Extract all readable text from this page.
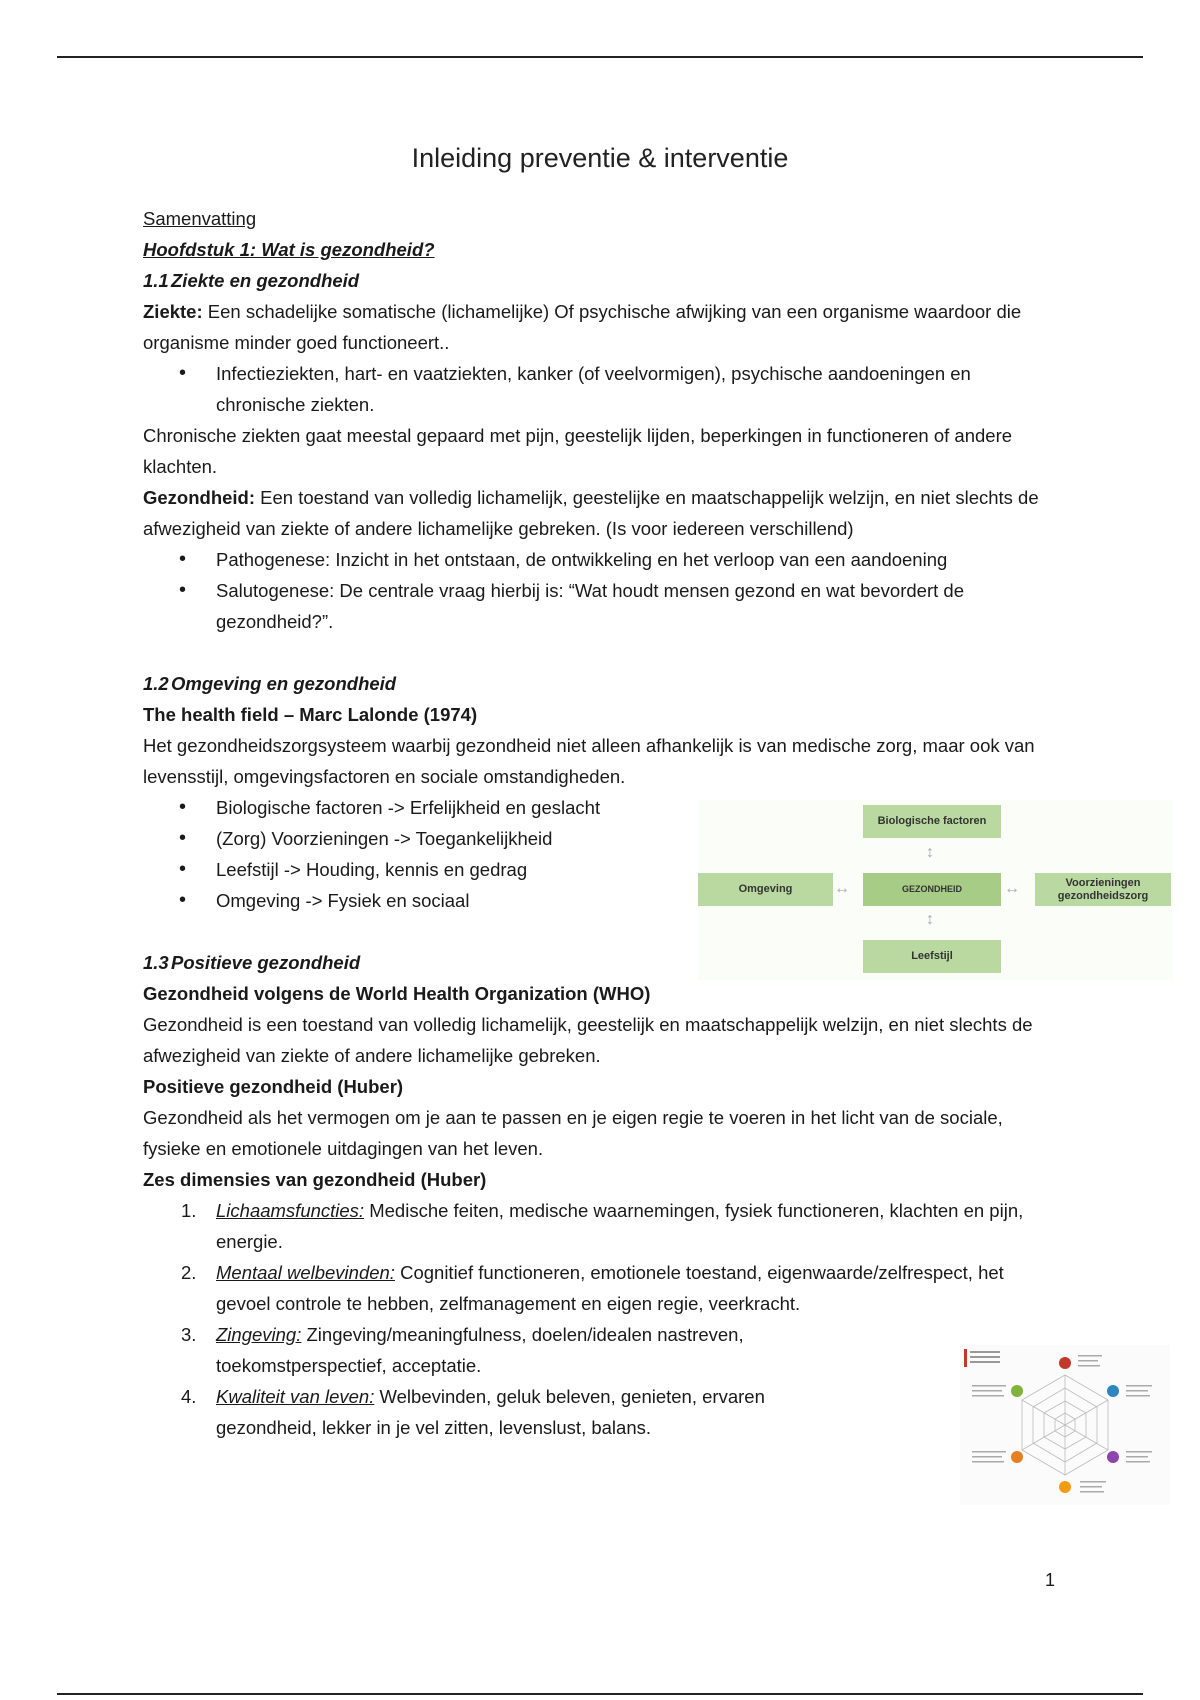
Inleiding preventie & interventie

Samenvatting

Hoofdstuk 1: Wat is gezondheid?

1.1 Ziekte en gezondheid

Ziekte: Een schadelijke somatische (lichamelijke) Of psychische afwijking van een organisme waardoor die organisme minder goed functioneert..

• Infectieziekten, hart- en vaatziekten, kanker (of veelvormigen), psychische aandoeningen en chronische ziekten.

Chronische ziekten gaat meestal gepaard met pijn, geestelijk lijden, beperkingen in functioneren of andere klachten.

Gezondheid: Een toestand van volledig lichamelijk, geestelijke en maatschappelijk welzijn, en niet slechts de afwezigheid van ziekte of andere lichamelijke gebreken. (Is voor iedereen verschillend)

• Pathogenese: Inzicht in het ontstaan, de ontwikkeling en het verloop van een aandoening
• Salutogenese: De centrale vraag hierbij is: “Wat houdt mensen gezond en wat bevordert de gezondheid?”.

1.2 Omgeving en gezondheid

The health field – Marc Lalonde (1974)

Het gezondheidszorgsysteem waarbij gezondheid niet alleen afhankelijk is van medische zorg, maar ook van levensstijl, omgevingsfactoren en sociale omstandigheden.

• Biologische factoren -> Erfelijkheid en geslacht
• (Zorg) Voorzieningen -> Toegankelijkheid
• Leefstijl -> Houding, kennis en gedrag
• Omgeving -> Fysiek en sociaal

1.3 Positieve gezondheid

Gezondheid volgens de World Health Organization (WHO)

Gezondheid is een toestand van volledig lichamelijk, geestelijk en maatschappelijk welzijn, en niet slechts de afwezigheid van ziekte of andere lichamelijke gebreken.

Positieve gezondheid (Huber)

Gezondheid als het vermogen om je aan te passen en je eigen regie te voeren in het licht van de sociale, fysieke en emotionele uitdagingen van het leven.

Zes dimensies van gezondheid (Huber)

1. Lichaamsfuncties: Medische feiten, medische waarnemingen, fysiek functioneren, klachten en pijn, energie.
2. Mentaal welbevinden: Cognitief functioneren, emotionele toestand, eigenwaarde/zelfrespect, het gevoel controle te hebben, zelfmanagement en eigen regie, veerkracht.
3. Zingeving: Zingeving/meaningfulness, doelen/idealen nastreven, toekomstperspectief, acceptatie.
4. Kwaliteit van leven: Welbevinden, geluk beleven, genieten, ervaren gezondheid, lekker in je vel zitten, levenslust, balans.
Biologische factoren
↕
Omgeving	↔	GEZONDHEID	↔	Voorzieningen gezondheidszorg
↕
Leefstijl
1
